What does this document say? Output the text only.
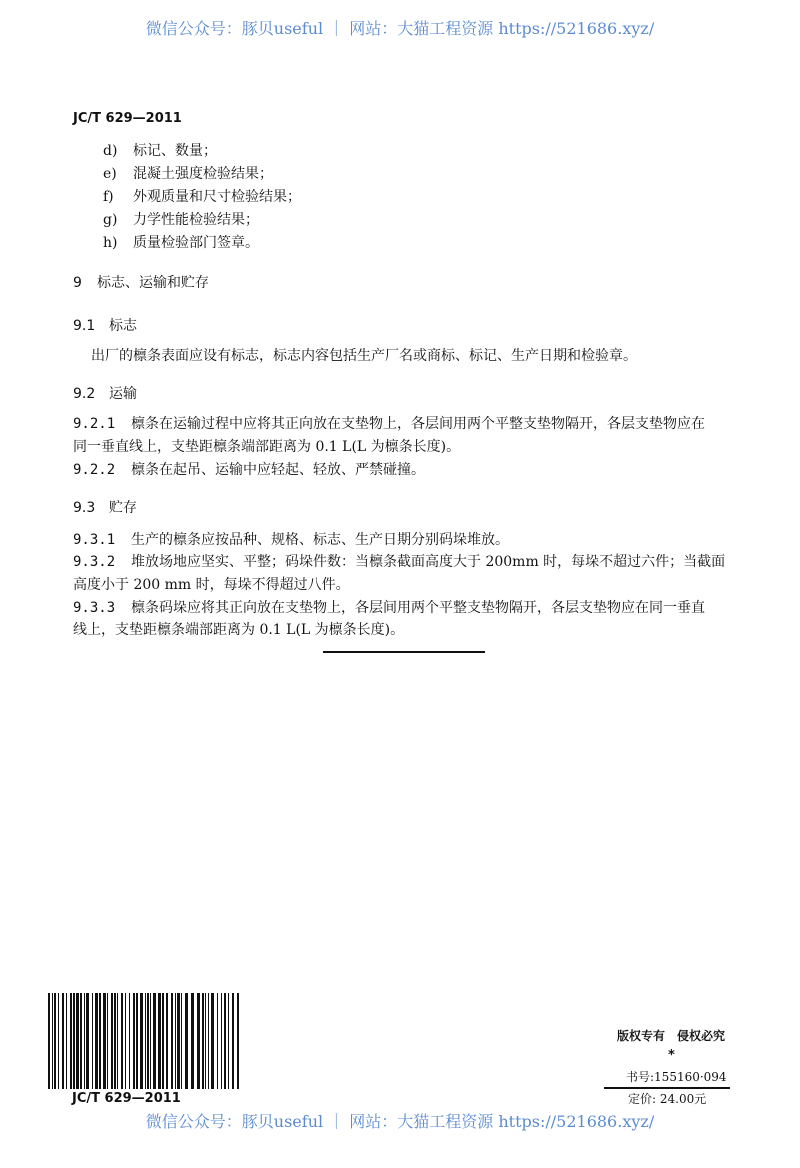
微信公众号：豚贝useful ｜ 网站：大猫工程资源 https://521686.xyz/
JC/T 629—2011
d) 标记、数量；
e) 混凝土强度检验结果；
f) 外观质量和尺寸检验结果；
g) 力学性能检验结果；
h) 质量检验部门签章。
9 标志、运输和贮存
9.1 标志
出厂的檩条表面应设有标志，标志内容包括生产厂名或商标、标记、生产日期和检验章。
9.2 运输
9.2.1 檩条在运输过程中应将其正向放在支垫物上，各层间用两个平整支垫物隔开，各层支垫物应在
同一垂直线上，支垫距檩条端部距离为 0.1 L(L 为檩条长度)。
9.2.2 檩条在起吊、运输中应轻起、轻放、严禁碰撞。
9.3 贮存
9.3.1 生产的檩条应按品种、规格、标志、生产日期分别码垛堆放。
9.3.2 堆放场地应坚实、平整；码垛件数：当檩条截面高度大于 200mm 时，每垛不超过六件；当截面
高度小于 200 mm 时，每垛不得超过八件。
9.3.3 檩条码垛应将其正向放在支垫物上，各层间用两个平整支垫物隔开，各层支垫物应在同一垂直
线上，支垫距檩条端部距离为 0.1 L(L 为檩条长度)。
JC/T 629—2011
版权专有　侵权必究
*
书号:155160·094
定价: 24.00元
微信公众号：豚贝useful ｜ 网站：大猫工程资源 https://521686.xyz/
